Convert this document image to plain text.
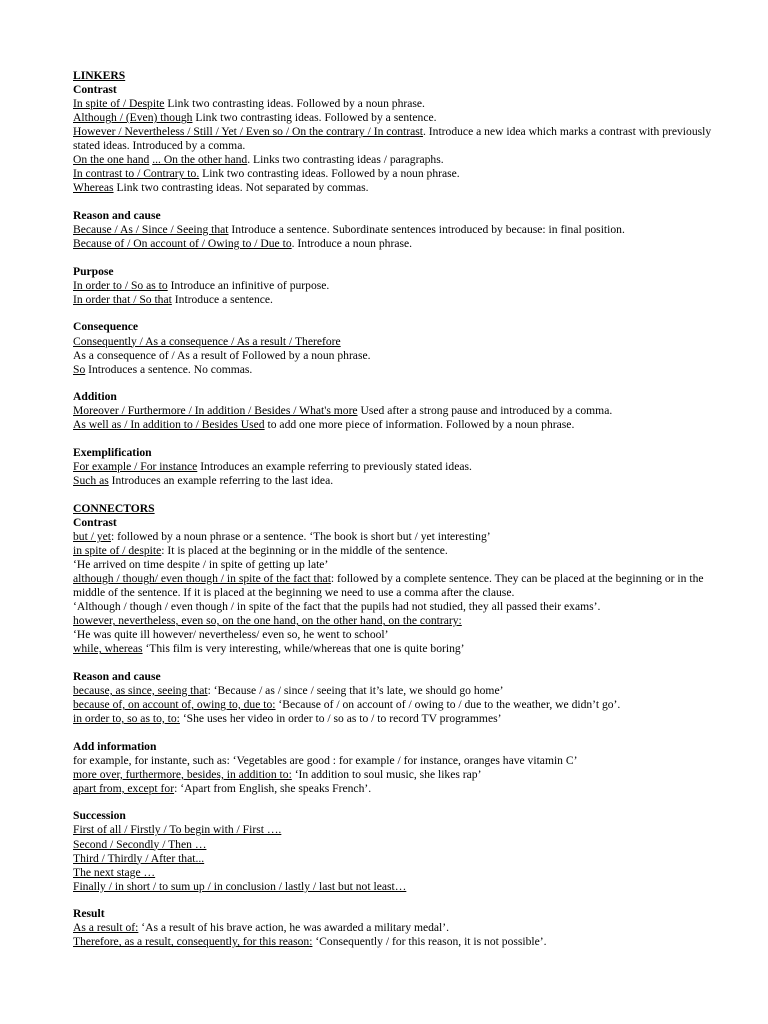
LINKERS
Contrast
In spite of / Despite Link two contrasting ideas. Followed by a noun phrase.
Although / (Even) though Link two contrasting ideas. Followed by a sentence.
However / Nevertheless / Still / Yet / Even so / On the contrary / In contrast. Introduce a new idea which marks a contrast with previously stated ideas. Introduced by a comma.
On the one hand ... On the other hand. Links two contrasting ideas / paragraphs.
In contrast to / Contrary to. Link two contrasting ideas. Followed by a noun phrase.
Whereas Link two contrasting ideas. Not separated by commas.
Reason and cause
Because / As / Since / Seeing that Introduce a sentence. Subordinate sentences introduced by because: in final position.
Because of / On account of / Owing to / Due to. Introduce a noun phrase.
Purpose
In order to / So as to Introduce an infinitive of purpose.
In order that / So that Introduce a sentence.
Consequence
Consequently / As a consequence / As a result / Therefore
As a consequence of / As a result of Followed by a noun phrase.
So Introduces a sentence. No commas.
Addition
Moreover / Furthermore / In addition / Besides / What's more Used after a strong pause and introduced by a comma.
As well as / In addition to / Besides Used to add one more piece of information. Followed by a noun phrase.
Exemplification
For example / For instance Introduces an example referring to previously stated ideas.
Such as Introduces an example referring to the last idea.
CONNECTORS
Contrast
but / yet: followed by a noun phrase or a sentence. ‘The book is short but / yet interesting’
in spite of / despite: It is placed at the beginning or in the middle of the sentence.
‘He arrived on time despite / in spite of getting up late’
although / though/ even though / in spite of the fact that: followed by a complete sentence. They can be placed at the beginning or in the middle of the sentence. If it is placed at the beginning we need to use a comma after the clause.
‘Although / though / even though / in spite of the fact that the pupils had not studied, they all passed their exams’.
however, nevertheless, even so, on the one hand, on the other hand, on the contrary:
‘He was quite ill however/ nevertheless/ even so, he went to school’
while, whereas ‘This film is very interesting, while/whereas that one is quite boring’
Reason and cause
because, as since, seeing that: ‘Because / as / since / seeing that it’s late, we should go home’
because of, on account of, owing to, due to: ‘Because of / on account of / owing to / due to the weather, we didn’t go’.
in order to, so as to, to: ‘She uses her video in order to / so as to / to record TV programmes’
Add information
for example, for instante, such as: ‘Vegetables are good : for example / for instance, oranges have vitamin C’
more over, furthermore, besides, in addition to: ‘In addition to soul music, she likes rap’
apart from, except for: ‘Apart from English, she speaks French’.
Succession
First of all / Firstly / To begin with / First ….
Second / Secondly / Then …
Third / Thirdly / After that...
The next stage …
Finally / in short / to sum up / in conclusion / lastly / last but not least…
Result
As a result of: ‘As a result of his brave action, he was awarded a military medal’.
Therefore, as a result, consequently, for this reason: ‘Consequently / for this reason, it is not possible’.
